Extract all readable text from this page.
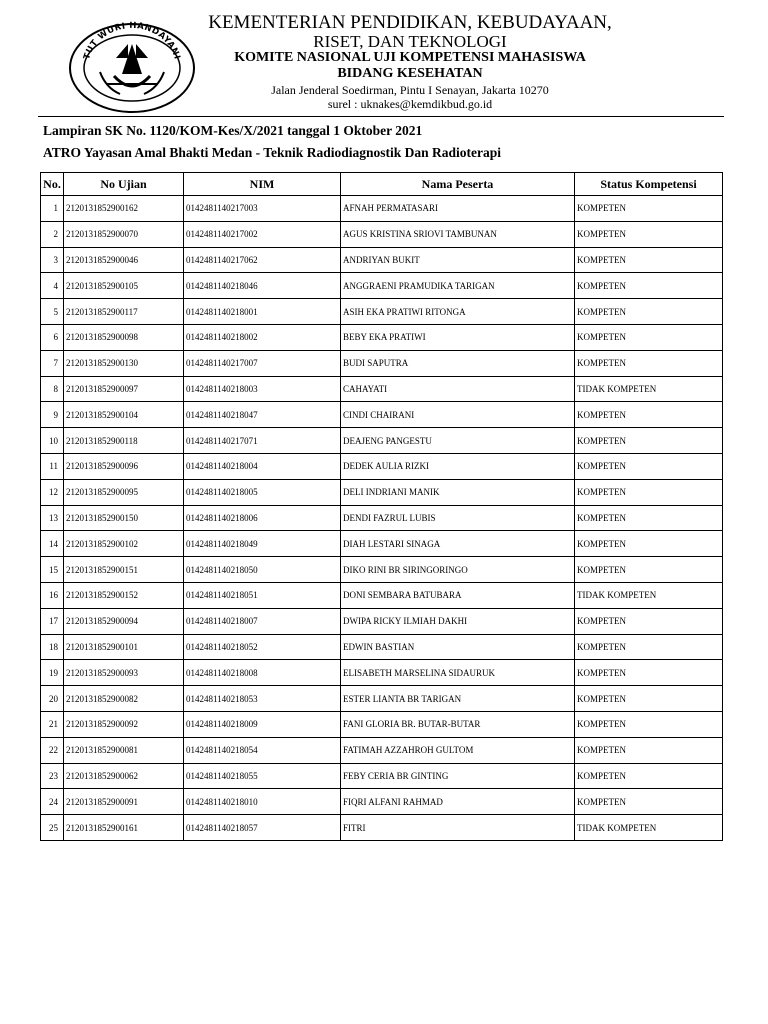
TUT WURI HANDAYANI
KEMENTERIAN PENDIDIKAN, KEBUDAYAAN,
RISET, DAN TEKNOLOGI
KOMITE NASIONAL UJI KOMPETENSI MAHASISWA
BIDANG KESEHATAN
Jalan Jenderal Soedirman, Pintu I Senayan, Jakarta 10270
surel : uknakes@kemdikbud.go.id
Lampiran SK No. 1120/KOM-Kes/X/2021 tanggal 1 Oktober 2021
ATRO Yayasan Amal Bhakti Medan - Teknik Radiodiagnostik Dan Radioterapi
No.	No Ujian	NIM	Nama Peserta	Status Kompetensi
1	2120131852900162	0142481140217003	AFNAH PERMATASARI	KOMPETEN
2	2120131852900070	0142481140217002	AGUS KRISTINA SRIOVI TAMBUNAN	KOMPETEN
3	2120131852900046	0142481140217062	ANDRIYAN BUKIT	KOMPETEN
4	2120131852900105	0142481140218046	ANGGRAENI PRAMUDIKA TARIGAN	KOMPETEN
5	2120131852900117	0142481140218001	ASIH EKA PRATIWI RITONGA	KOMPETEN
6	2120131852900098	0142481140218002	BEBY EKA PRATIWI	KOMPETEN
7	2120131852900130	0142481140217007	BUDI SAPUTRA	KOMPETEN
8	2120131852900097	0142481140218003	CAHAYATI	TIDAK KOMPETEN
9	2120131852900104	0142481140218047	CINDI CHAIRANI	KOMPETEN
10	2120131852900118	0142481140217071	DEAJENG PANGESTU	KOMPETEN
11	2120131852900096	0142481140218004	DEDEK AULIA RIZKI	KOMPETEN
12	2120131852900095	0142481140218005	DELI INDRIANI MANIK	KOMPETEN
13	2120131852900150	0142481140218006	DENDI FAZRUL LUBIS	KOMPETEN
14	2120131852900102	0142481140218049	DIAH LESTARI SINAGA	KOMPETEN
15	2120131852900151	0142481140218050	DIKO RINI BR SIRINGORINGO	KOMPETEN
16	2120131852900152	0142481140218051	DONI SEMBARA BATUBARA	TIDAK KOMPETEN
17	2120131852900094	0142481140218007	DWIPA RICKY ILMIAH DAKHI	KOMPETEN
18	2120131852900101	0142481140218052	EDWIN BASTIAN	KOMPETEN
19	2120131852900093	0142481140218008	ELISABETH MARSELINA SIDAURUK	KOMPETEN
20	2120131852900082	0142481140218053	ESTER LIANTA BR TARIGAN	KOMPETEN
21	2120131852900092	0142481140218009	FANI GLORIA BR. BUTAR-BUTAR	KOMPETEN
22	2120131852900081	0142481140218054	FATIMAH AZZAHROH GULTOM	KOMPETEN
23	2120131852900062	0142481140218055	FEBY CERIA BR GINTING	KOMPETEN
24	2120131852900091	0142481140218010	FIQRI ALFANI RAHMAD	KOMPETEN
25	2120131852900161	0142481140218057	FITRI	TIDAK KOMPETEN
